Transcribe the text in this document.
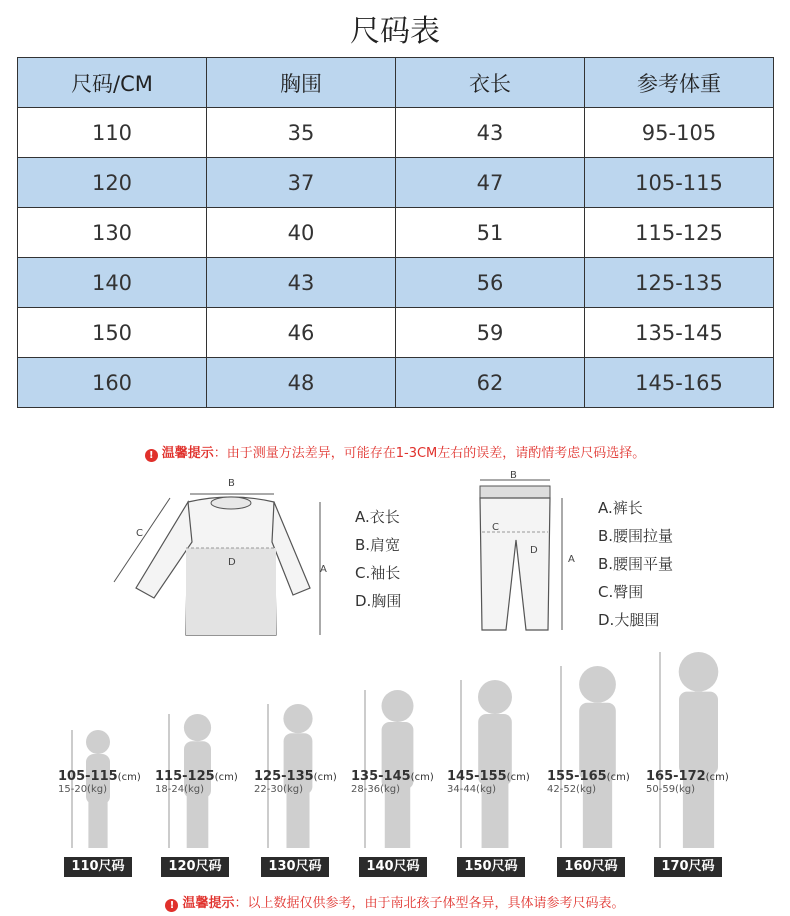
尺码表
尺码/CM	胸围	衣长	参考体重
110	35	43	95-105
120	37	47	105-115
130	40	51	115-125
140	43	56	125-135
150	46	59	135-145
160	48	62	145-165
! 温馨提示：由于测量方法差异，可能存在1-3CM左右的误差，请酌情考虑尺码选择。
B
A
C
D
A.衣长
B.肩宽
C.袖长
D.胸围
B
A
C
D
A.裤长
B.腰围拉量
B.腰围平量
C.臀围
D.大腿围
105-115(cm)
15-20(kg)
110尺码
115-125(cm)
18-24(kg)
120尺码
125-135(cm)
22-30(kg)
130尺码
135-145(cm)
28-36(kg)
140尺码
145-155(cm)
34-44(kg)
150尺码
155-165(cm)
42-52(kg)
160尺码
165-172(cm)
50-59(kg)
170尺码
! 温馨提示：以上数据仅供参考，由于南北孩子体型各异，具体请参考尺码表。
